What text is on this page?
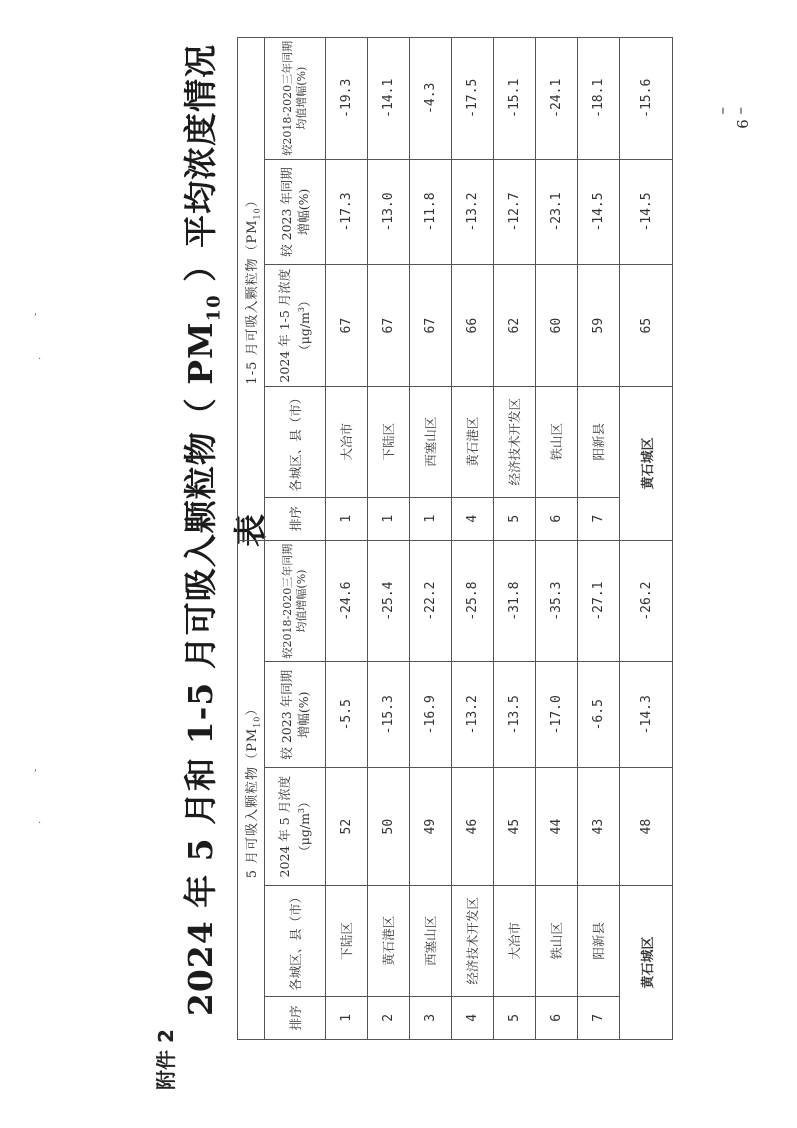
– 9 –
‘
·
‘
·
附件 2
2024 年 5 月和 1-5 月可吸入颗粒物（ $PM_{10}$ ）平均浓度情况表
5 月可吸入颗粒物$(PM_{10})$					1-5 月可吸入颗粒物$(PM_{10})$				
排序	各城区、县（市）	2024 年 5 月浓度$(\mu g/m^3)$	较 2023 年同期增幅(%)	较2018-2020三年同期均值增幅(%)	排序	各城区、县（市）	2024 年 1-5 月浓度$(\mu g/m^3)$	较 2023 年同期增幅(%)	较2018-2020三年同期均值增幅(%)
1	下陆区	52	-5.5	-24.6	1	大冶市	67	-17.3	-19.3
2	黄石港区	50	-15.3	-25.4	1	下陆区	67	-13.0	-14.1
3	西塞山区	49	-16.9	-22.2	1	西塞山区	67	-11.8	-4.3
4	经济技术开发区	46	-13.2	-25.8	4	黄石港区	66	-13.2	-17.5
5	大冶市	45	-13.5	-31.8	5	经济技术开发区	62	-12.7	-15.1
6	铁山区	44	-17.0	-35.3	6	铁山区	60	-23.1	-24.1
7	阳新县	43	-6.5	-27.1	7	阳新县	59	-14.5	-18.1
黄石城区		48	-14.3	-26.2	黄石城区		65	-14.5	-15.6
